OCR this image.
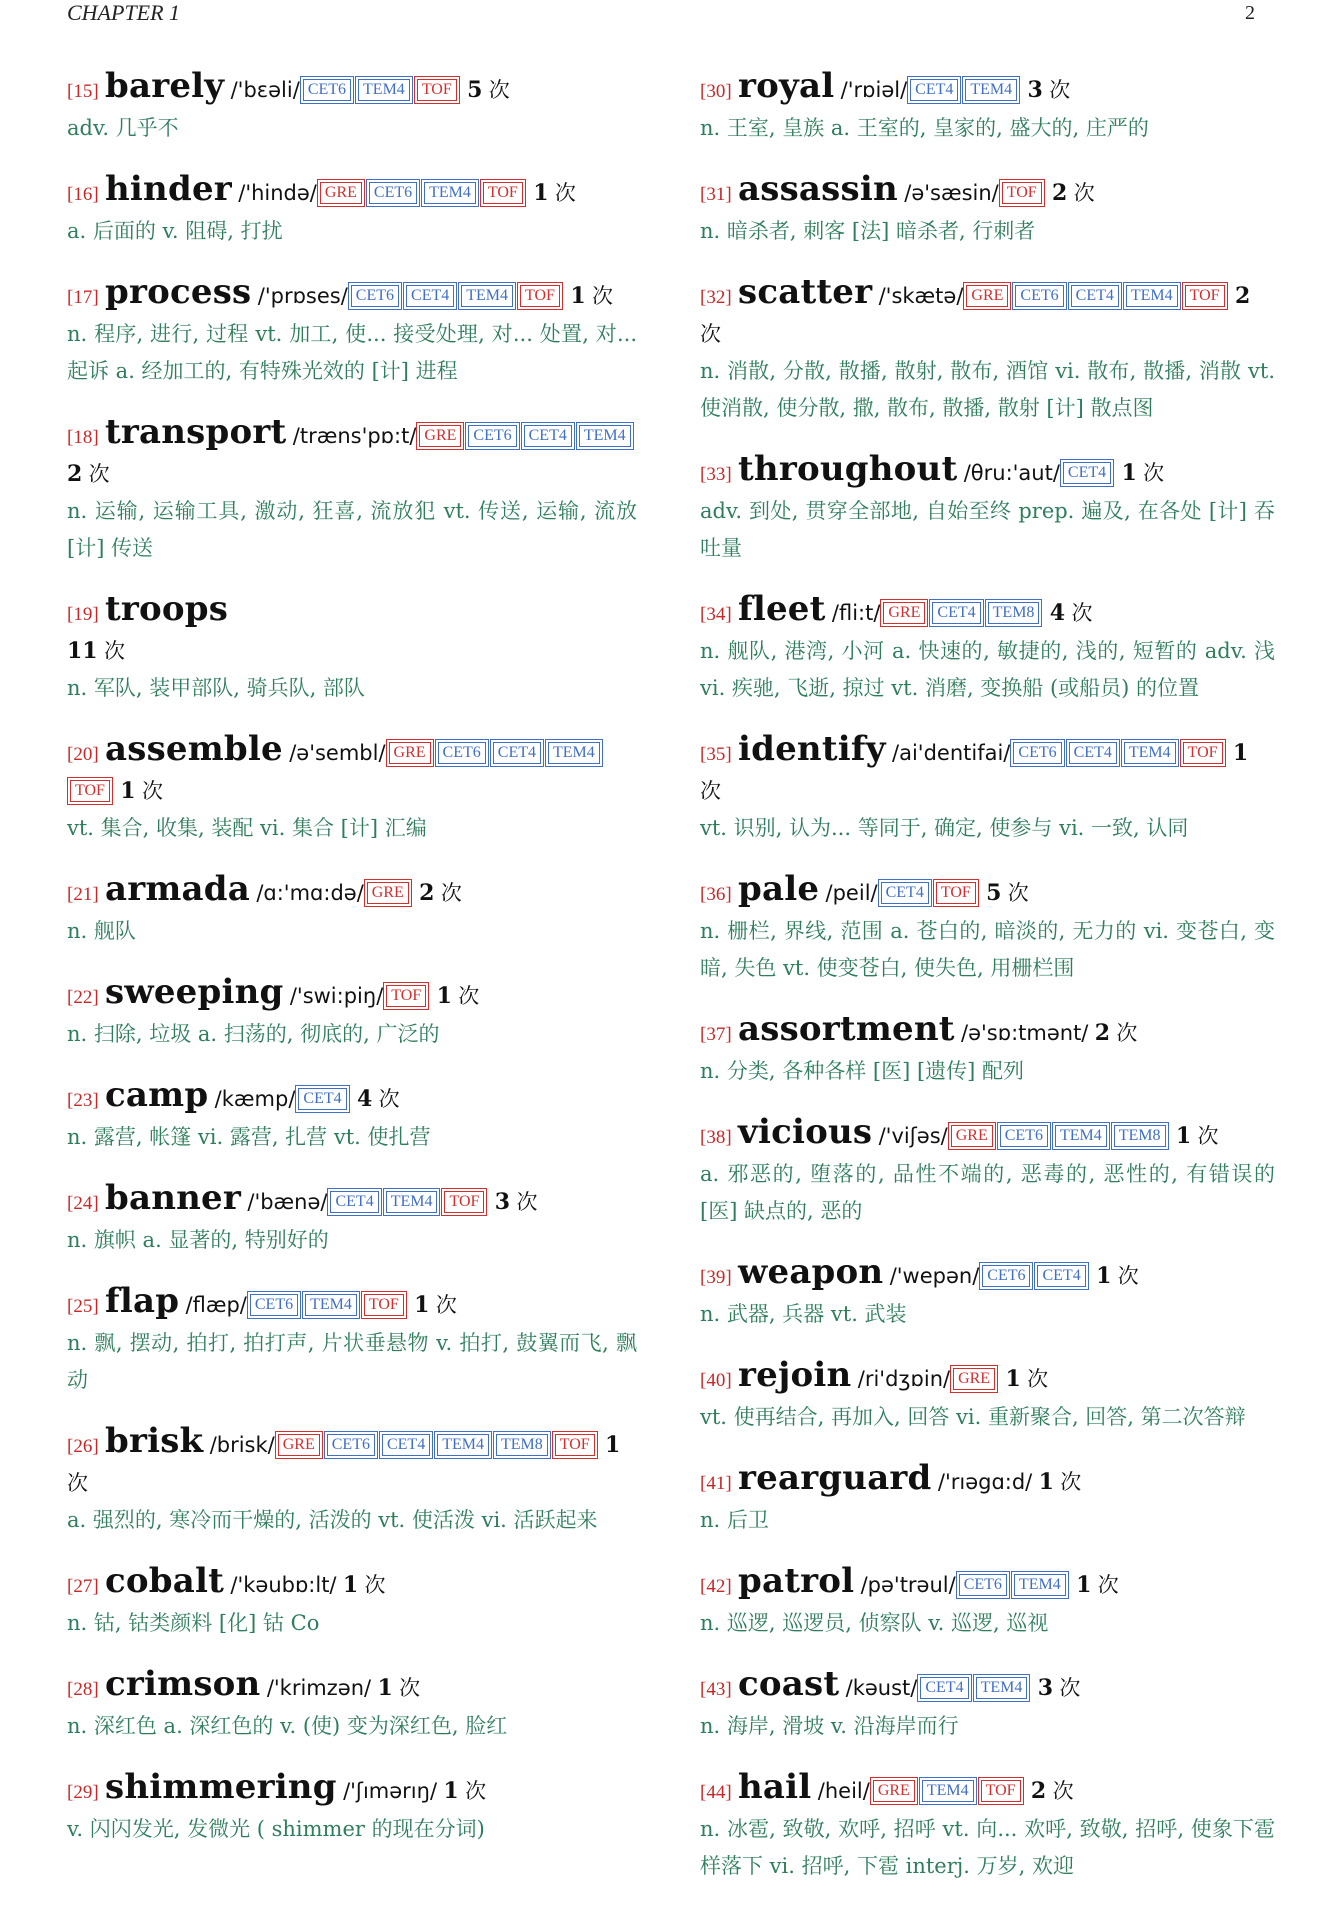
CHAPTER 1	2
[15] barely /'bɛəli/ CET6 TEM4 TOF 5 次
adv. 几乎不
[16] hinder /'hində/ GRE CET6 TEM4 TOF 1 次
a. 后面的 v. 阻碍, 打扰
[17] process /'prɒses/ CET6 CET4 TEM4 TOF 1 次
n. 程序, 进行, 过程 vt. 加工, 使... 接受处理, 对... 处置, 对... 起诉 a. 经加工的, 有特殊光效的 [计] 进程
[18] transport /træns'pɒ:t/ GRE CET6 CET4 TEM4 2 次
n. 运输, 运输工具, 激动, 狂喜, 流放犯 vt. 传送, 运输, 流放 [计] 传送
[19] troops
11 次
n. 军队, 装甲部队, 骑兵队, 部队
[20] assemble /ə'sembl/ GRE CET6 CET4 TEM4TOF 1 次
vt. 集合, 收集, 装配 vi. 集合 [计] 汇编
[21] armada /ɑ:'mɑ:də/ GRE 2 次
n. 舰队
[22] sweeping /'swi:piŋ/ TOF 1 次
n. 扫除, 垃圾 a. 扫荡的, 彻底的, 广泛的
[23] camp /kæmp/ CET4 4 次
n. 露营, 帐篷 vi. 露营, 扎营 vt. 使扎营
[24] banner /'bænə/ CET4 TEM4 TOF 3 次
n. 旗帜 a. 显著的, 特别好的
[25] flap /flæp/ CET6 TEM4 TOF 1 次
n. 飘, 摆动, 拍打, 拍打声, 片状垂悬物 v. 拍打, 鼓翼而飞, 飘动
[26] brisk /brisk/ GRE CET6 CET4 TEM4 TEM8 TOF 1 次
a. 强烈的, 寒冷而干燥的, 活泼的 vt. 使活泼 vi. 活跃起来
[27] cobalt /'kəubɒ:lt/ 1 次
n. 钴, 钴类颜料 [化] 钴 Co
[28] crimson /'krimzən/ 1 次
n. 深红色 a. 深红色的 v. (使) 变为深红色, 脸红
[29] shimmering /'ʃımərıŋ/ 1 次
v. 闪闪发光, 发微光 ( shimmer 的现在分词)
[30] royal /'rɒiəl/ CET4 TEM4 3 次
n. 王室, 皇族 a. 王室的, 皇家的, 盛大的, 庄严的
[31] assassin /ə'sæsin/ TOF 2 次
n. 暗杀者, 刺客 [法] 暗杀者, 行刺者
[32] scatter /'skætə/ GRE CET6 CET4 TEM4 TOF 2 次
n. 消散, 分散, 散播, 散射, 散布, 酒馆 vi. 散布, 散播, 消散 vt. 使消散, 使分散, 撒, 散布, 散播, 散射 [计] 散点图
[33] throughout /θru:'aut/ CET4 1 次
adv. 到处, 贯穿全部地, 自始至终 prep. 遍及, 在各处 [计] 吞吐量
[34] fleet /fli:t/ GRE CET4 TEM8 4 次
n. 舰队, 港湾, 小河 a. 快速的, 敏捷的, 浅的, 短暂的 adv. 浅 vi. 疾驰, 飞逝, 掠过 vt. 消磨, 变换船 (或船员) 的位置
[35] identify /ai'dentifai/ CET6 CET4 TEM4 TOF 1 次
vt. 识别, 认为... 等同于, 确定, 使参与 vi. 一致, 认同
[36] pale /peil/ CET4 TOF 5 次
n. 栅栏, 界线, 范围 a. 苍白的, 暗淡的, 无力的 vi. 变苍白, 变暗, 失色 vt. 使变苍白, 使失色, 用栅栏围
[37] assortment /ə'sɒ:tmənt/ 2 次
n. 分类, 各种各样 [医] [遗传] 配列
[38] vicious /'viʃəs/ GRE CET6 TEM4 TEM8 1 次
a. 邪恶的, 堕落的, 品性不端的, 恶毒的, 恶性的, 有错误的 [医] 缺点的, 恶的
[39] weapon /'wepən/ CET6 CET4 1 次
n. 武器, 兵器 vt. 武装
[40] rejoin /ri'dʒɒin/ GRE 1 次
vt. 使再结合, 再加入, 回答 vi. 重新聚合, 回答, 第二次答辩
[41] rearguard /'rıəgɑ:d/ 1 次
n. 后卫
[42] patrol /pə'trəul/ CET6 TEM4 1 次
n. 巡逻, 巡逻员, 侦察队 v. 巡逻, 巡视
[43] coast /kəust/ CET4 TEM4 3 次
n. 海岸, 滑坡 v. 沿海岸而行
[44] hail /heil/ GRE TEM4 TOF 2 次
n. 冰雹, 致敬, 欢呼, 招呼 vt. 向... 欢呼, 致敬, 招呼, 使象下雹样落下 vi. 招呼, 下雹 interj. 万岁, 欢迎
